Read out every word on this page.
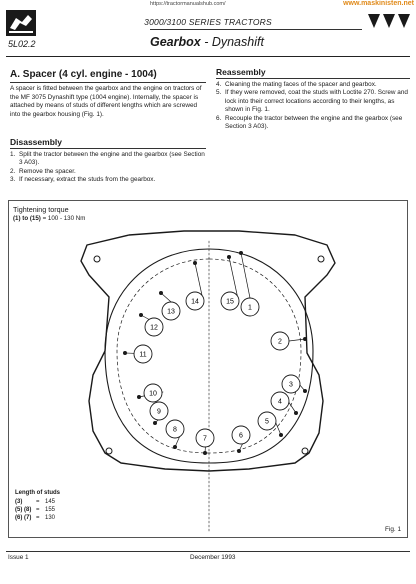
https://tractormanualshub.com/	www.maskinisten.net
3000/3100 SERIES TRACTORS
5L02.2	Gearbox - Dynashift
A. Spacer (4 cyl. engine - 1004)

A spacer is fitted between the gearbox and the engine on tractors of the MF 3075 Dynashift type (1004 engine). Internally, the spacer is attached by means of studs of different lengths which are screwed into the gearbox housing (Fig. 1).

Disassembly
1. Split the tractor between the engine and the gearbox (see Section 3 A03).
2. Remove the spacer.
3. If necessary, extract the studs from the gearbox.
Reassembly
4. Cleaning the mating faces of the spacer and gearbox.
5. If they were removed, coat the studs with Loctite 270. Screw and lock into their correct locations according to their lengths, as shown in Fig. 1.
6. Recouple the tractor between the engine and the gearbox (see Section 3 A03).
1
2
3
4
5
6
7
8
9
10
11
12
13
14	15
Tightening torque
(1) to (15) = 100 - 130 Nm
Length of studs
(3)	= 145
(5) (8) = 155
(6) (7) = 130
Fig. 1
Issue 1	December 1993
